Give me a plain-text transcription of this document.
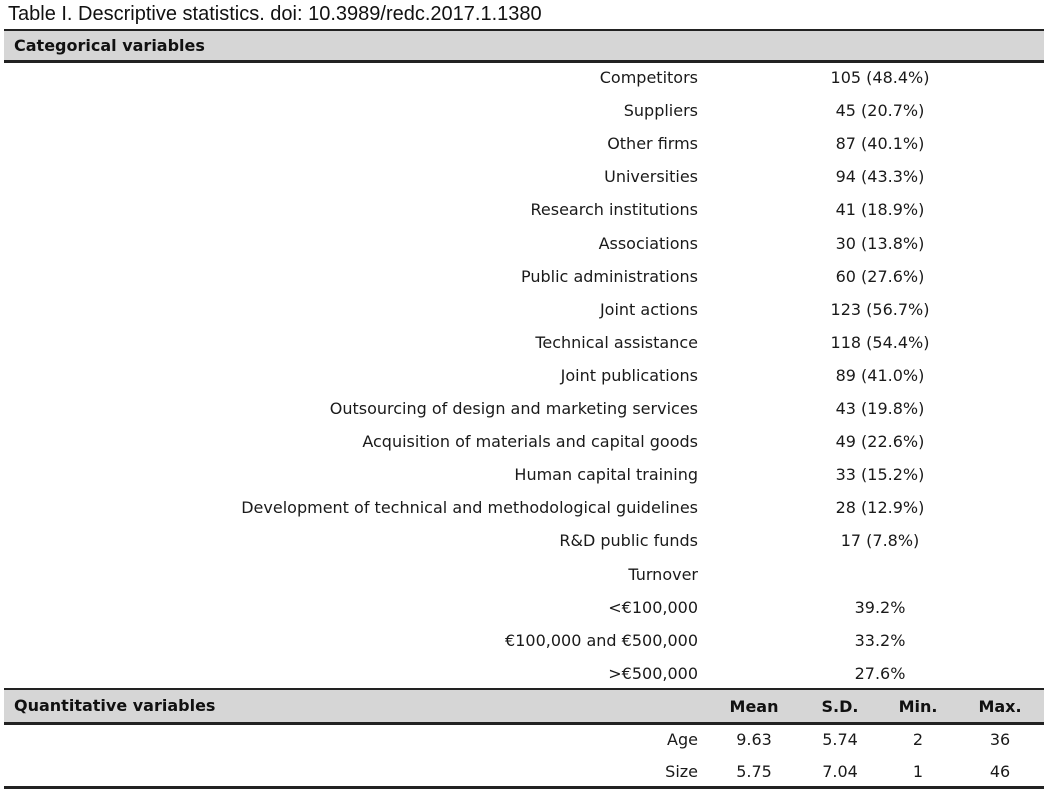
Table I. Descriptive statistics. doi: 10.3989/redc.2017.1.1380
Categorical variables
Competitors	105 (48.4%)
Suppliers	45 (20.7%)
Other firms	87 (40.1%)
Universities	94 (43.3%)
Research institutions	41 (18.9%)
Associations	30 (13.8%)
Public administrations	60 (27.6%)
Joint actions	123 (56.7%)
Technical assistance	118 (54.4%)
Joint publications	89 (41.0%)
Outsourcing of design and marketing services	43 (19.8%)
Acquisition of materials and capital goods	49 (22.6%)
Human capital training	33 (15.2%)
Development of technical and methodological guidelines	28 (12.9%)
R&D public funds	17 (7.8%)
Turnover
<€100,000	39.2%
€100,000 and €500,000	33.2%
>€500,000	27.6%
Quantitative variables	Mean	S.D.	Min.	Max.
Age	9.63	5.74	2	36
Size	5.75	7.04	1	46
